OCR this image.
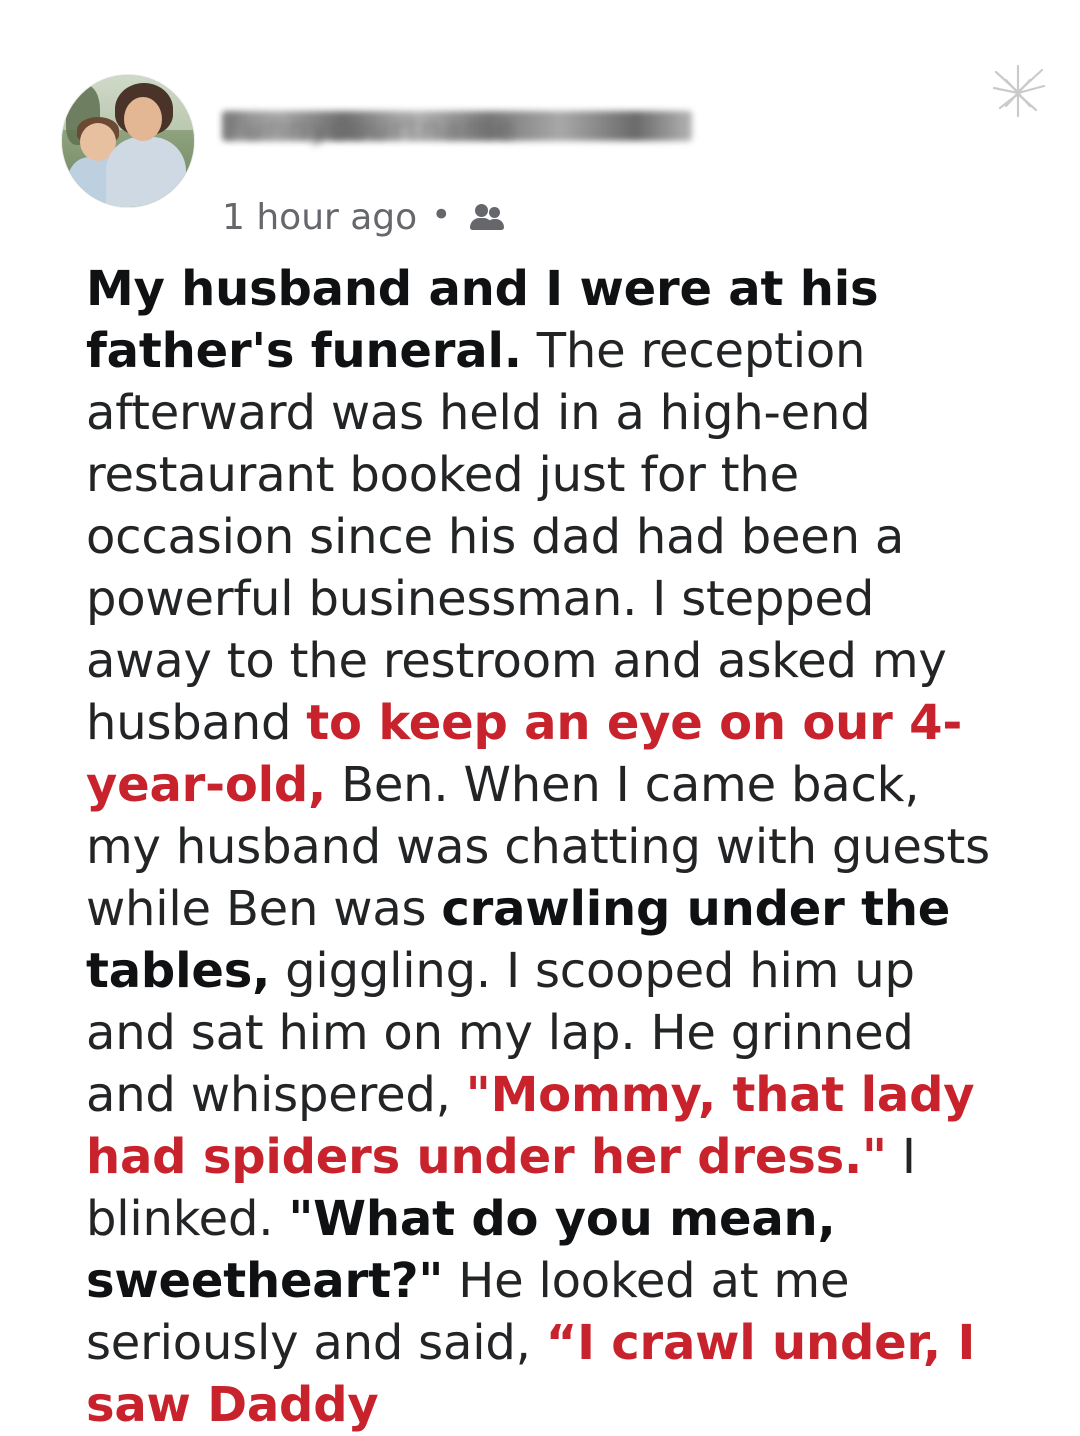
1 hour ago •
My husband and I were at his father's funeral. The reception afterward was held in a high-end restaurant booked just for the occasion since his dad had been a powerful businessman. I stepped away to the restroom and asked my husband to keep an eye on our 4-year-old, Ben. When I came back, my husband was chatting with guests while Ben was crawling under the tables, giggling. I scooped him up and sat him on my lap. He grinned and whispered, "Mommy, that lady had spiders under her dress." I blinked. "What do you mean, sweetheart?" He looked at me seriously and said, “I crawl under, I saw Daddy
